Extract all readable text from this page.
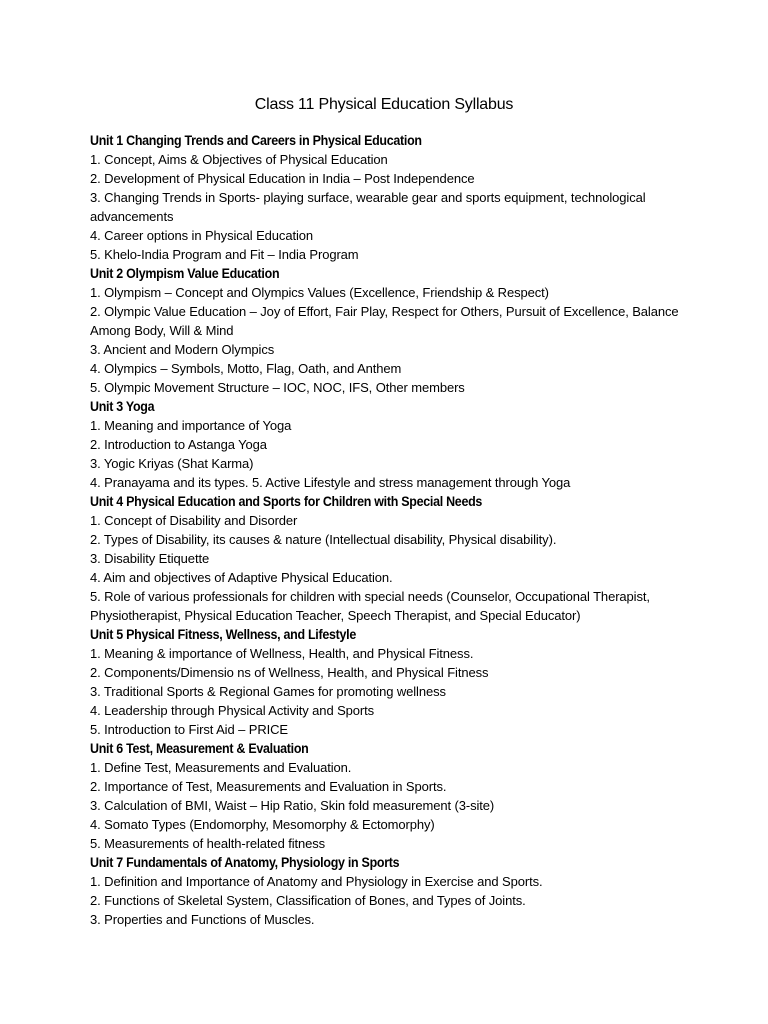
Class 11 Physical Education Syllabus
Unit 1 Changing Trends and Careers in Physical Education
1. Concept, Aims & Objectives of Physical Education
2. Development of Physical Education in India – Post Independence
3. Changing Trends in Sports- playing surface, wearable gear and sports equipment, technological advancements
4. Career options in Physical Education
5. Khelo-India Program and Fit – India Program
Unit 2 Olympism Value Education
1. Olympism – Concept and Olympics Values (Excellence, Friendship & Respect)
2. Olympic Value Education – Joy of Effort, Fair Play, Respect for Others, Pursuit of Excellence, Balance Among Body, Will & Mind
3. Ancient and Modern Olympics
4. Olympics – Symbols, Motto, Flag, Oath, and Anthem
5. Olympic Movement Structure – IOC, NOC, IFS, Other members
Unit 3 Yoga
1. Meaning and importance of Yoga
2. Introduction to Astanga Yoga
3. Yogic Kriyas (Shat Karma)
4. Pranayama and its types. 5. Active Lifestyle and stress management through Yoga
Unit 4 Physical Education and Sports for Children with Special Needs
1. Concept of Disability and Disorder
2. Types of Disability, its causes & nature (Intellectual disability, Physical disability).
3. Disability Etiquette
4. Aim and objectives of Adaptive Physical Education.
5. Role of various professionals for children with special needs (Counselor, Occupational Therapist, Physiotherapist, Physical Education Teacher, Speech Therapist, and Special Educator)
Unit 5 Physical Fitness, Wellness, and Lifestyle
1. Meaning & importance of Wellness, Health, and Physical Fitness.
2. Components/Dimensio ns of Wellness, Health, and Physical Fitness
3. Traditional Sports & Regional Games for promoting wellness
4. Leadership through Physical Activity and Sports
5. Introduction to First Aid – PRICE
Unit 6 Test, Measurement & Evaluation
1. Define Test, Measurements and Evaluation.
2. Importance of Test, Measurements and Evaluation in Sports.
3. Calculation of BMI, Waist – Hip Ratio, Skin fold measurement (3-site)
4. Somato Types (Endomorphy, Mesomorphy & Ectomorphy)
5. Measurements of health-related fitness
Unit 7 Fundamentals of Anatomy, Physiology in Sports
1. Definition and Importance of Anatomy and Physiology in Exercise and Sports.
2. Functions of Skeletal System, Classification of Bones, and Types of Joints.
3. Properties and Functions of Muscles.
